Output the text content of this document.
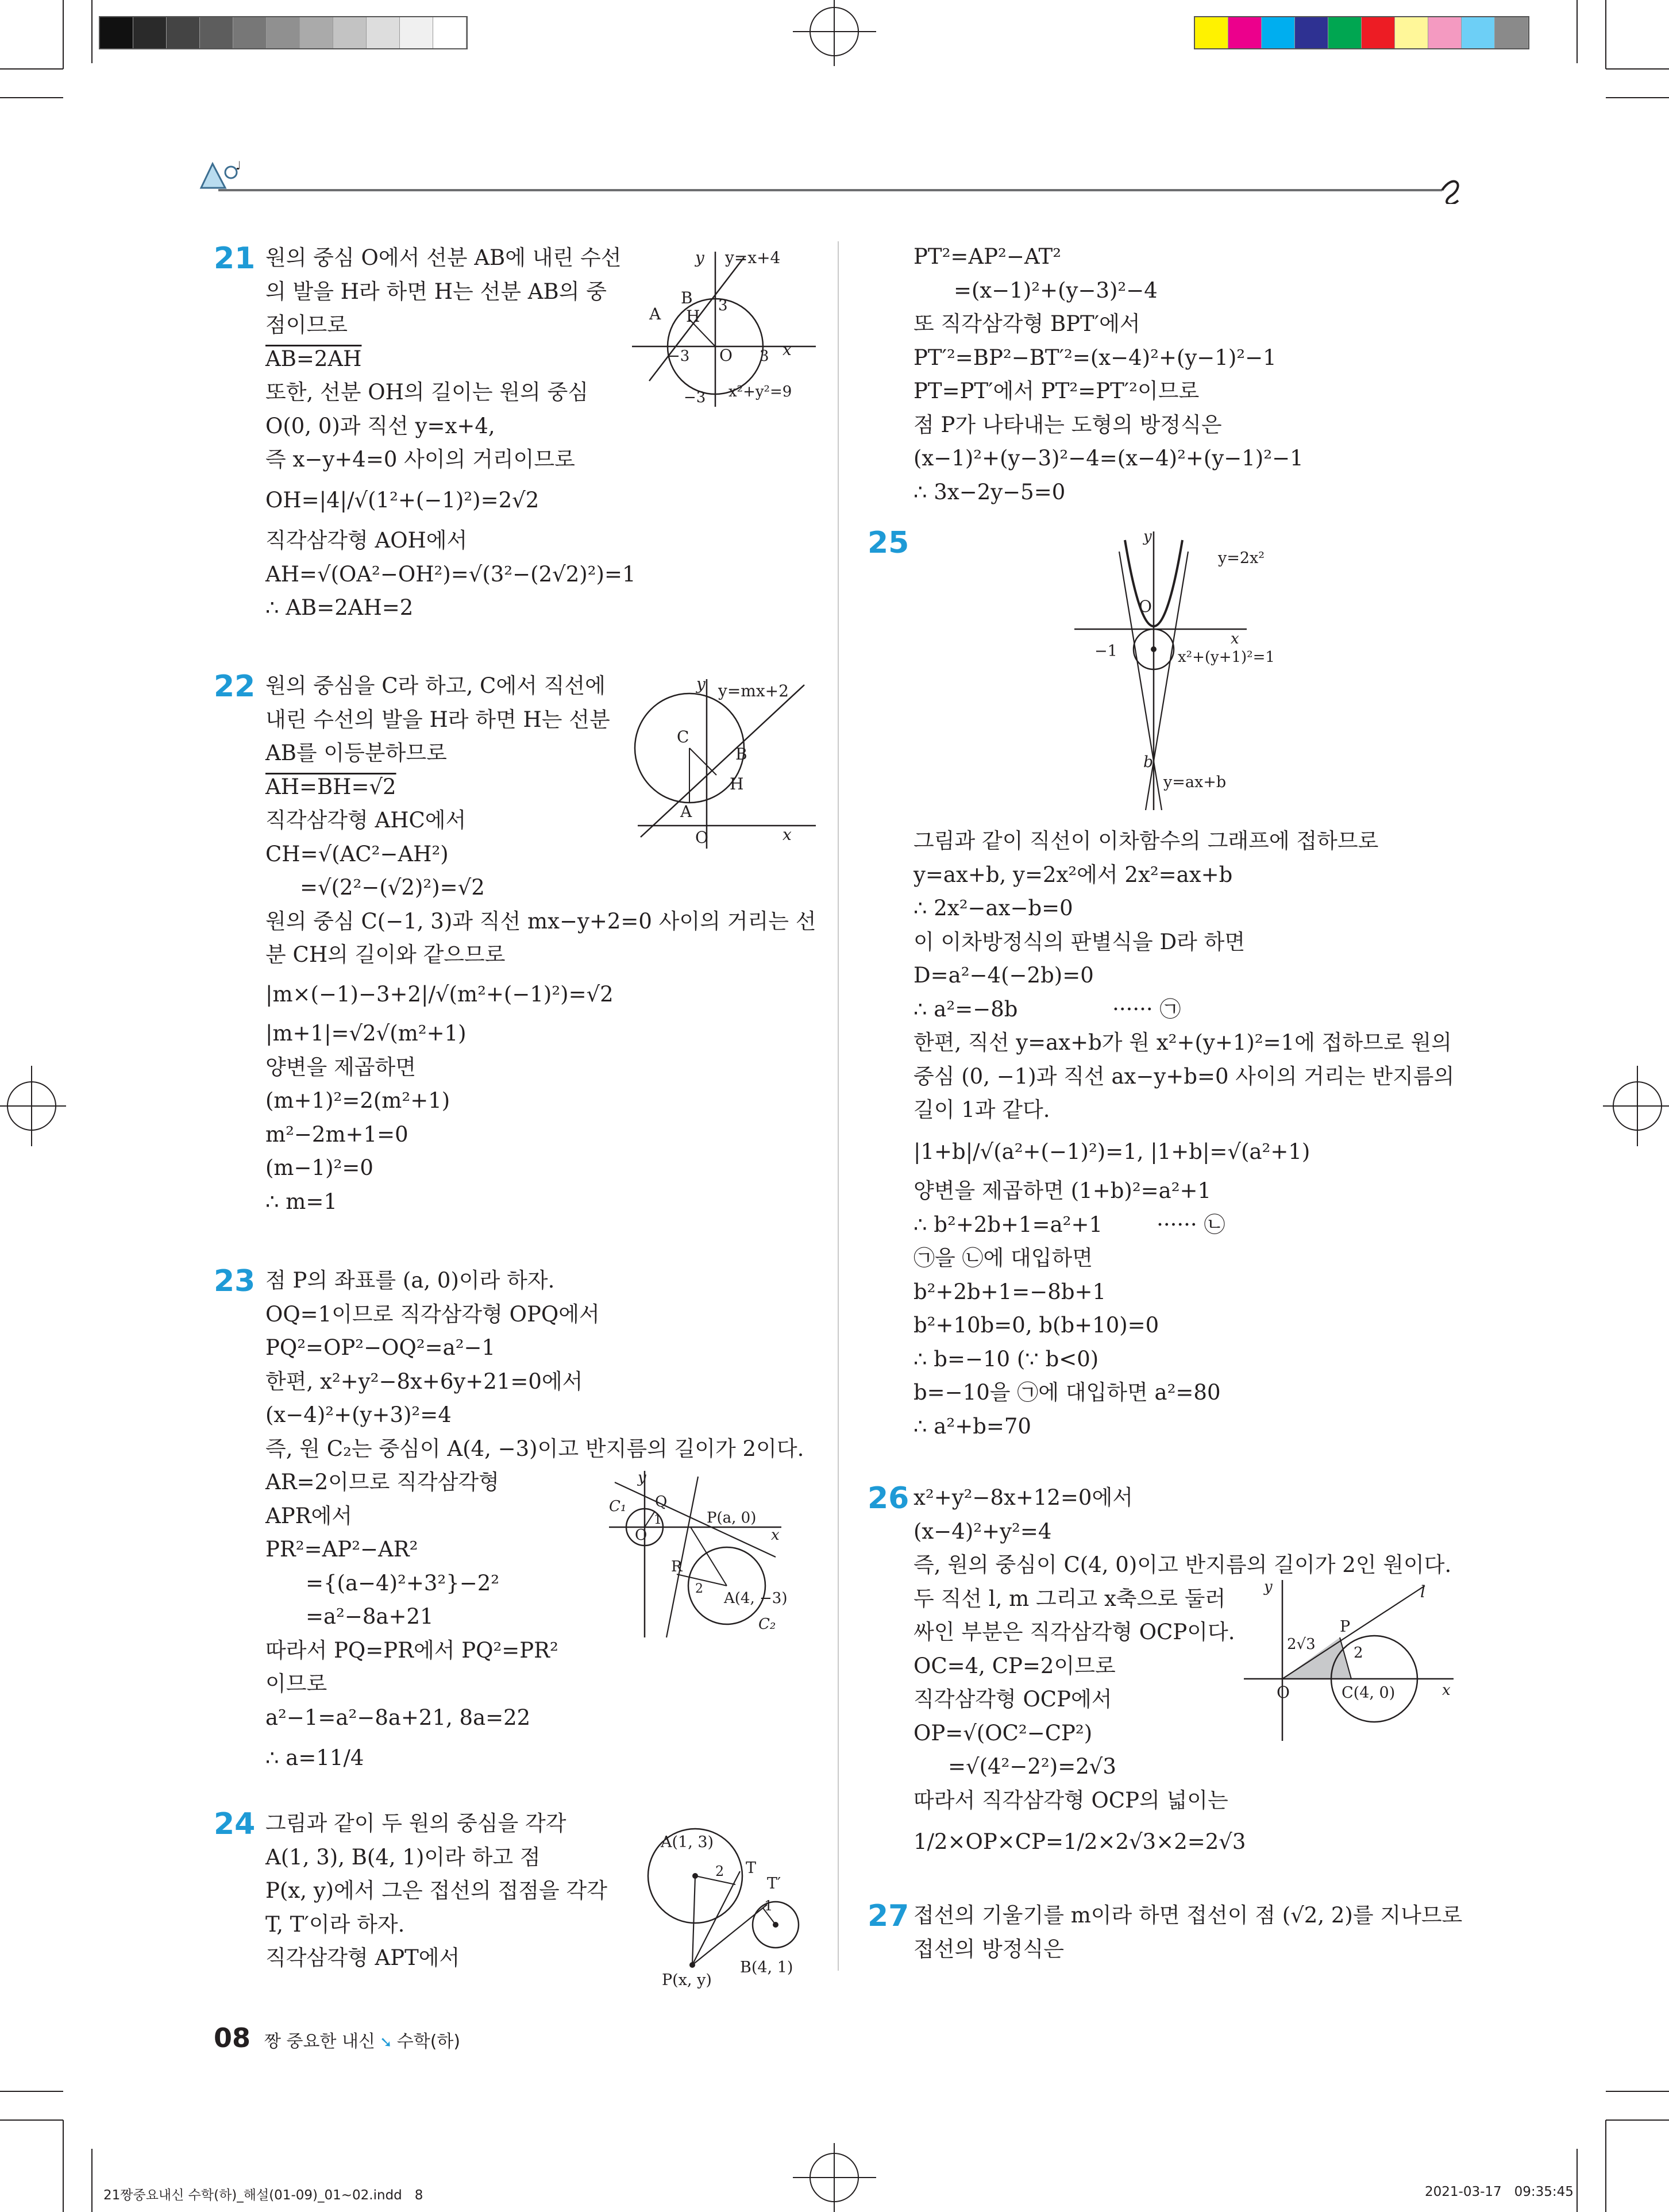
♩
21 원의 중심 O에서 선분 AB에 내린 수선
의 발을 H라 하면 H는 선분 AB의 중
점이므로
AB=2AH
또한, 선분 OH의 길이는 원의 중심
O(0, 0)과 직선 y=x+4,
즉 x−y+4=0 사이의 거리이므로
OH=|4|/√(1²+(−1)²)=2√2
직각삼각형 AOH에서
AH=√(OA²−OH²)=√(3²−(2√2)²)=1
∴ AB=2AH=2
y y=x+4
B
A H
3
−3 O 3 x
−3 x²+y²=9
22 원의 중심을 C라 하고, C에서 직선에
내린 수선의 발을 H라 하면 H는 선분
AB를 이등분하므로
AH=BH=√2
직각삼각형 AHC에서
CH=√(AC²−AH²)
=√(2²−(√2)²)=√2
원의 중심 C(−1, 3)과 직선 mx−y+2=0 사이의 거리는 선
분 CH의 길이와 같으므로
|m×(−1)−3+2|/√(m²+(−1)²)=√2
|m+1|=√2√(m²+1)
양변을 제곱하면
(m+1)²=2(m²+1)
m²−2m+1=0
(m−1)²=0
∴ m=1
y y=mx+2
C
B
H
A
O	x
23 점 P의 좌표를 (a, 0)이라 하자.
OQ=1이므로 직각삼각형 OPQ에서
PQ²=OP²−OQ²=a²−1
한편, x²+y²−8x+6y+21=0에서
(x−4)²+(y+3)²=4
즉, 원 C₂는 중심이 A(4, −3)이고 반지름의 길이가 2이다.
AR=2이므로 직각삼각형
APR에서
PR²=AP²−AR²
={(a−4)²+3²}−2²
=a²−8a+21
따라서 PQ=PR에서 PQ²=PR²
이므로
a²−1=a²−8a+21, 8a=22
∴ a=11/4
y
C₁ Q
P(a, 0)
O
1
x
R
2
A(4, −3)
C₂
24 그림과 같이 두 원의 중심을 각각
A(1, 3), B(4, 1)이라 하고 점
P(x, y)에서 그은 접선의 접점을 각각
T, T′이라 하자.
직각삼각형 APT에서
A(1, 3)
2 T
T′
1
B(4, 1)
P(x, y)
PT²=AP²−AT²
=(x−1)²+(y−3)²−4
또 직각삼각형 BPT′에서
PT′²=BP²−BT′²=(x−4)²+(y−1)²−1
PT=PT′에서 PT²=PT′²이므로
점 P가 나타내는 도형의 방정식은
(x−1)²+(y−3)²−4=(x−4)²+(y−1)²−1
∴ 3x−2y−5=0
25	y
y=2x²
O
x
−1	x²+(y+1)²=1
b
y=ax+b
그림과 같이 직선이 이차함수의 그래프에 접하므로
y=ax+b, y=2x²에서 2x²=ax+b
∴ 2x²−ax−b=0
이 이차방정식의 판별식을 D라 하면
D=a²−4(−2b)=0
∴ a²=−8b              ······ ㉠
한편, 직선 y=ax+b가 원 x²+(y+1)²=1에 접하므로 원의
중심 (0, −1)과 직선 ax−y+b=0 사이의 거리는 반지름의
길이 1과 같다.
|1+b|/√(a²+(−1)²)=1, |1+b|=√(a²+1)
양변을 제곱하면 (1+b)²=a²+1
∴ b²+2b+1=a²+1        ······ ㉡
㉠을 ㉡에 대입하면
b²+2b+1=−8b+1
b²+10b=0, b(b+10)=0
∴ b=−10 (∵ b<0)
b=−10을 ㉠에 대입하면 a²=80
∴ a²+b=70
26 x²+y²−8x+12=0에서
(x−4)²+y²=4
즉, 원의 중심이 C(4, 0)이고 반지름의 길이가 2인 원이다.
두 직선 l, m 그리고 x축으로 둘러
싸인 부분은 직각삼각형 OCP이다.
OC=4, CP=2이므로
직각삼각형 OCP에서
OP=√(OC²−CP²)
=√(4²−2²)=2√3
따라서 직각삼각형 OCP의 넓이는
1/2×OP×CP=1/2×2√3×2=2√3
y	l
P
2√3	2
O	C(4, 0)	x
27 접선의 기울기를 m이라 하면 접선이 점 (√2, 2)를 지나므로
접선의 방정식은
08 짱 중요한 내신 ➘ 수학(하)
21짱중요내신 수학(하)_해설(01-09)_01~02.indd   8	2021-03-17   09:35:45
